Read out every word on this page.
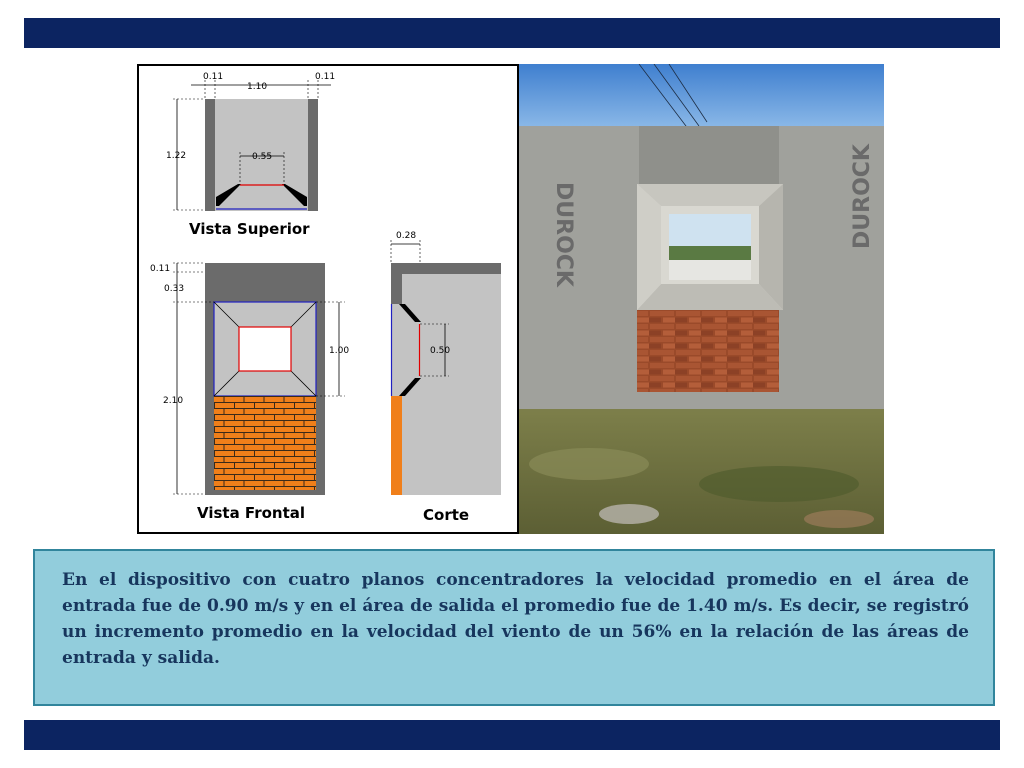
0.11
1.10
0.11
1.22	0.55
Vista Superior
0.11
0.33
2.10
1.00
Vista Frontal
0.28
0.50
Corte
DUROCK	DUROCK

En el dispositivo con cuatro planos concentradores la velocidad promedio en el área de entrada fue de 0.90 m/s y en el área de salida el promedio fue de 1.40 m/s. Es decir, se registró un incremento promedio en la velocidad del viento de un 56% en la relación de las áreas de entrada y salida.
